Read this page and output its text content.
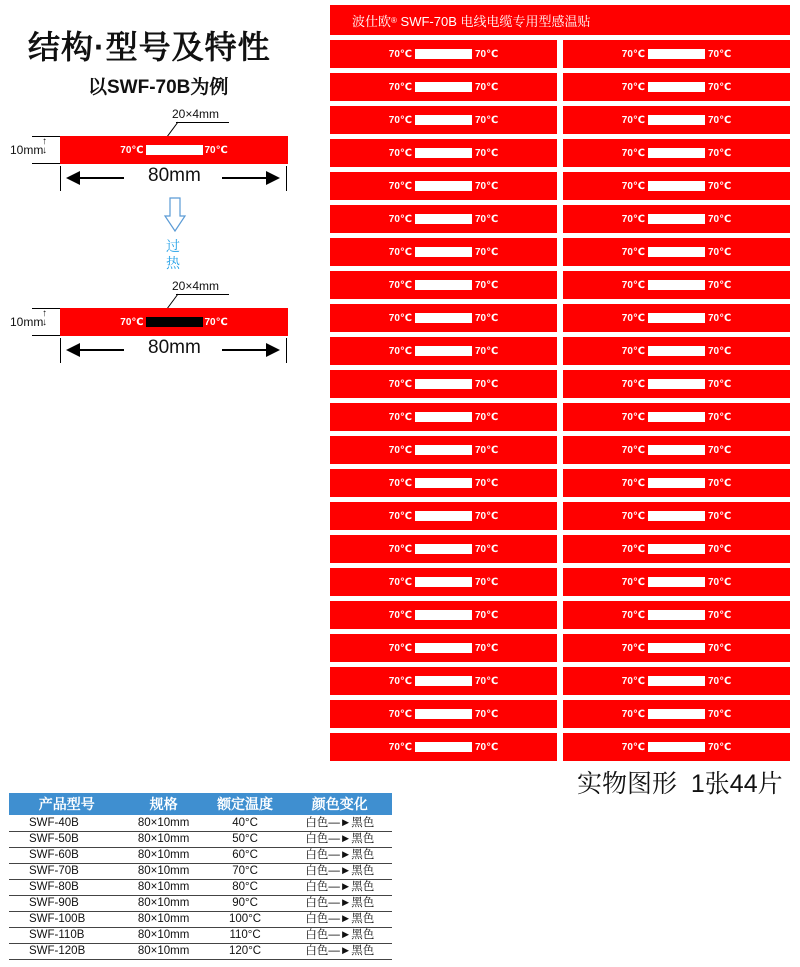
结构·型号及特性
以SWF-70B为例
20×4mm
10mm
↑
↓	70℃	70℃
80mm
过
热
20×4mm
10mm
↑
↓	70℃	70℃
80mm
波仕欧 ® SWF-70B 电线电缆专用型感温贴
70℃	70℃	70℃	70℃
70℃	70℃	70℃	70℃
70℃	70℃	70℃	70℃
70℃	70℃	70℃	70℃
70℃	70℃	70℃	70℃
70℃	70℃	70℃	70℃
70℃	70℃	70℃	70℃
70℃	70℃	70℃	70℃
70℃	70℃	70℃	70℃
70℃	70℃	70℃	70℃
70℃	70℃	70℃	70℃
70℃	70℃	70℃	70℃
70℃	70℃	70℃	70℃
70℃	70℃	70℃	70℃
70℃	70℃	70℃	70℃
70℃	70℃	70℃	70℃
70℃	70℃	70℃	70℃
70℃	70℃	70℃	70℃
70℃	70℃	70℃	70℃
70℃	70℃	70℃	70℃
70℃	70℃	70℃	70℃
70℃	70℃	70℃	70℃
实物图形  1张44片
产品型号	规格	额定温度	颜色变化
SWF-40B	80×10mm	40°C	白色—►黑色
SWF-50B	80×10mm	50°C	白色—►黑色
SWF-60B	80×10mm	60°C	白色—►黑色
SWF-70B	80×10mm	70°C	白色—►黑色
SWF-80B	80×10mm	80°C	白色—►黑色
SWF-90B	80×10mm	90°C	白色—►黑色
SWF-100B	80×10mm	100°C	白色—►黑色
SWF-110B	80×10mm	110°C	白色—►黑色
SWF-120B	80×10mm	120°C	白色—►黑色
